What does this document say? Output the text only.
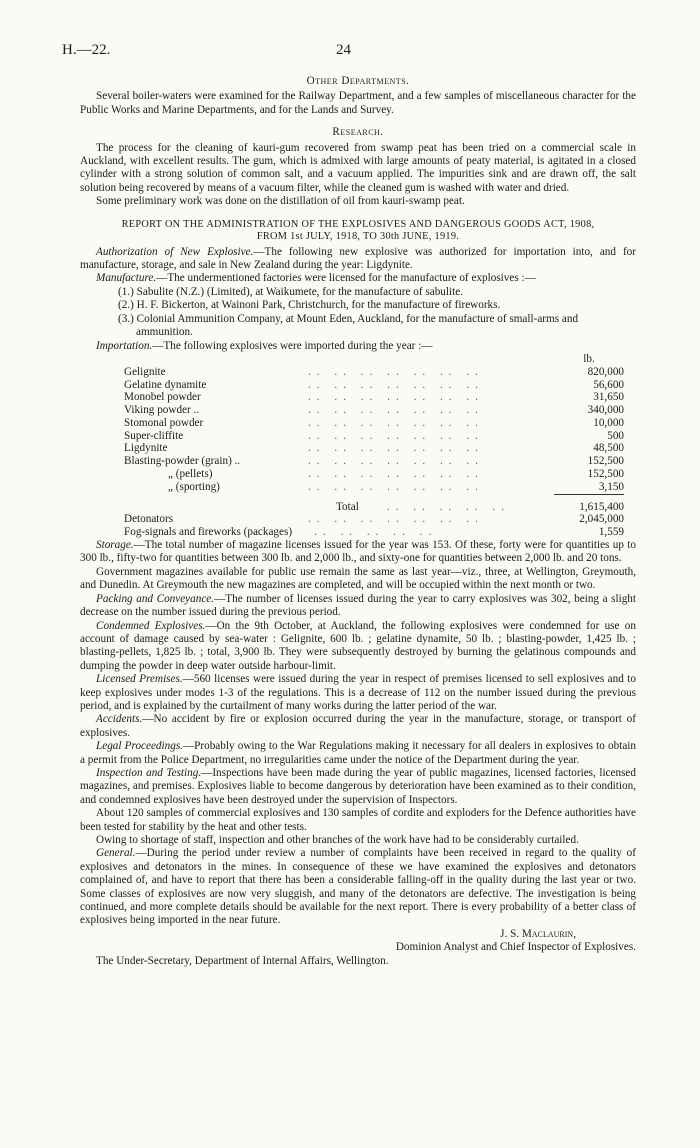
H.—22.	24
Other Departments.

Several boiler-waters were examined for the Railway Department, and a few samples of miscellaneous character for the Public Works and Marine Departments, and for the Lands and Survey.

Research.

The process for the cleaning of kauri-gum recovered from swamp peat has been tried on a commercial scale in Auckland, with excellent results. The gum, which is admixed with large amounts of peaty material, is agitated in a closed cylinder with a strong solution of common salt, and a vacuum applied. The impurities sink and are drawn off, the salt solution being recovered by means of a vacuum filter, while the cleaned gum is washed with water and dried.

Some preliminary work was done on the distillation of oil from kauri-swamp peat.

REPORT ON THE ADMINISTRATION OF THE EXPLOSIVES AND DANGEROUS GOODS ACT, 1908,
FROM 1st JULY, 1918, TO 30th JUNE, 1919.

Authorization of New Explosive.—The following new explosive was authorized for importation into, and for manufacture, storage, and sale in New Zealand during the year: Ligdynite.

Manufacture.—The undermentioned factories were licensed for the manufacture of explosives :—

(1.) Sabulite (N.Z.) (Limited), at Waikumete, for the manufacture of sabulite.
(2.) H. F. Bickerton, at Wainoni Park, Christchurch, for the manufacture of fireworks.
(3.) Colonial Ammunition Company, at Mount Eden, Auckland, for the manufacture of small-arms and ammunition.

Importation.—The following explosives were imported during the year :—

		lb.
Gelignite	.. .. .. .. .. .. ..	820,000
Gelatine dynamite	.. .. .. .. .. .. ..	56,600
Monobel powder	.. .. .. .. .. .. ..	31,650
Viking powder ..	.. .. .. .. .. .. ..	340,000
Stomonal powder	.. .. .. .. .. .. ..	10,000
Super-cliffite	.. .. .. .. .. .. ..	500
Ligdynite	.. .. .. .. .. .. ..	48,500
Blasting-powder (grain) ..	.. .. .. .. .. .. ..	152,500
„ (pellets)	.. .. .. .. .. .. ..	152,500
„ (sporting)	.. .. .. .. .. .. ..	3,150
	Total .. .. .. .. ..	1,615,400
Detonators	.. .. .. .. .. .. ..	2,045,000
Fog-signals and fireworks (packages) .. .. .. .. ..		1,559

Storage.—The total number of magazine licenses issued for the year was 153. Of these, forty were for quantities up to 300 lb., fifty-two for quantities between 300 lb. and 2,000 lb., and sixty-one for quantities between 2,000 lb. and 20 tons.

Government magazines available for public use remain the same as last year—viz., three, at Wellington, Greymouth, and Dunedin. At Greymouth the new magazines are completed, and will be occupied within the next month or two.

Packing and Conveyance.—The number of licenses issued during the year to carry explosives was 302, being a slight decrease on the number issued during the previous period.

Condemned Explosives.—On the 9th October, at Auckland, the following explosives were condemned for use on account of damage caused by sea-water : Gelignite, 600 lb. ; gelatine dynamite, 50 lb. ; blasting-powder, 1,425 lb. ; blasting-pellets, 1,825 lb. ; total, 3,900 lb. They were subsequently destroyed by burning the gelatinous compounds and dumping the powder in deep water outside harbour-limit.

Licensed Premises.—560 licenses were issued during the year in respect of premises licensed to sell explosives and to keep explosives under modes 1-3 of the regulations. This is a decrease of 112 on the number issued during the previous period, and is explained by the curtailment of many works during the latter period of the war.

Accidents.—No accident by fire or explosion occurred during the year in the manufacture, storage, or transport of explosives.

Legal Proceedings.—Probably owing to the War Regulations making it necessary for all dealers in explosives to obtain a permit from the Police Department, no irregularities came under the notice of the Department during the year.

Inspection and Testing.—Inspections have been made during the year of public magazines, licensed factories, licensed magazines, and premises. Explosives liable to become dangerous by deterioration have been examined as to their condition, and condemned explosives have been destroyed under the supervision of Inspectors.

About 120 samples of commercial explosives and 130 samples of cordite and exploders for the Defence authorities have been tested for stability by the heat and other tests.

Owing to shortage of staff, inspection and other branches of the work have had to be considerably curtailed.

General.—During the period under review a number of complaints have been received in regard to the quality of explosives and detonators in the mines. In consequence of these we have examined the explosives and detonators complained of, and have to report that there has been a considerable falling-off in the quality during the last year or two. Some classes of explosives are now very sluggish, and many of the detonators are defective. The investigation is being continued, and more complete details should be available for the next report. There is every probability of a better class of explosives being imported in the near future.

J. S. Maclaurin,
Dominion Analyst and Chief Inspector of Explosives.
The Under-Secretary, Department of Internal Affairs, Wellington.
